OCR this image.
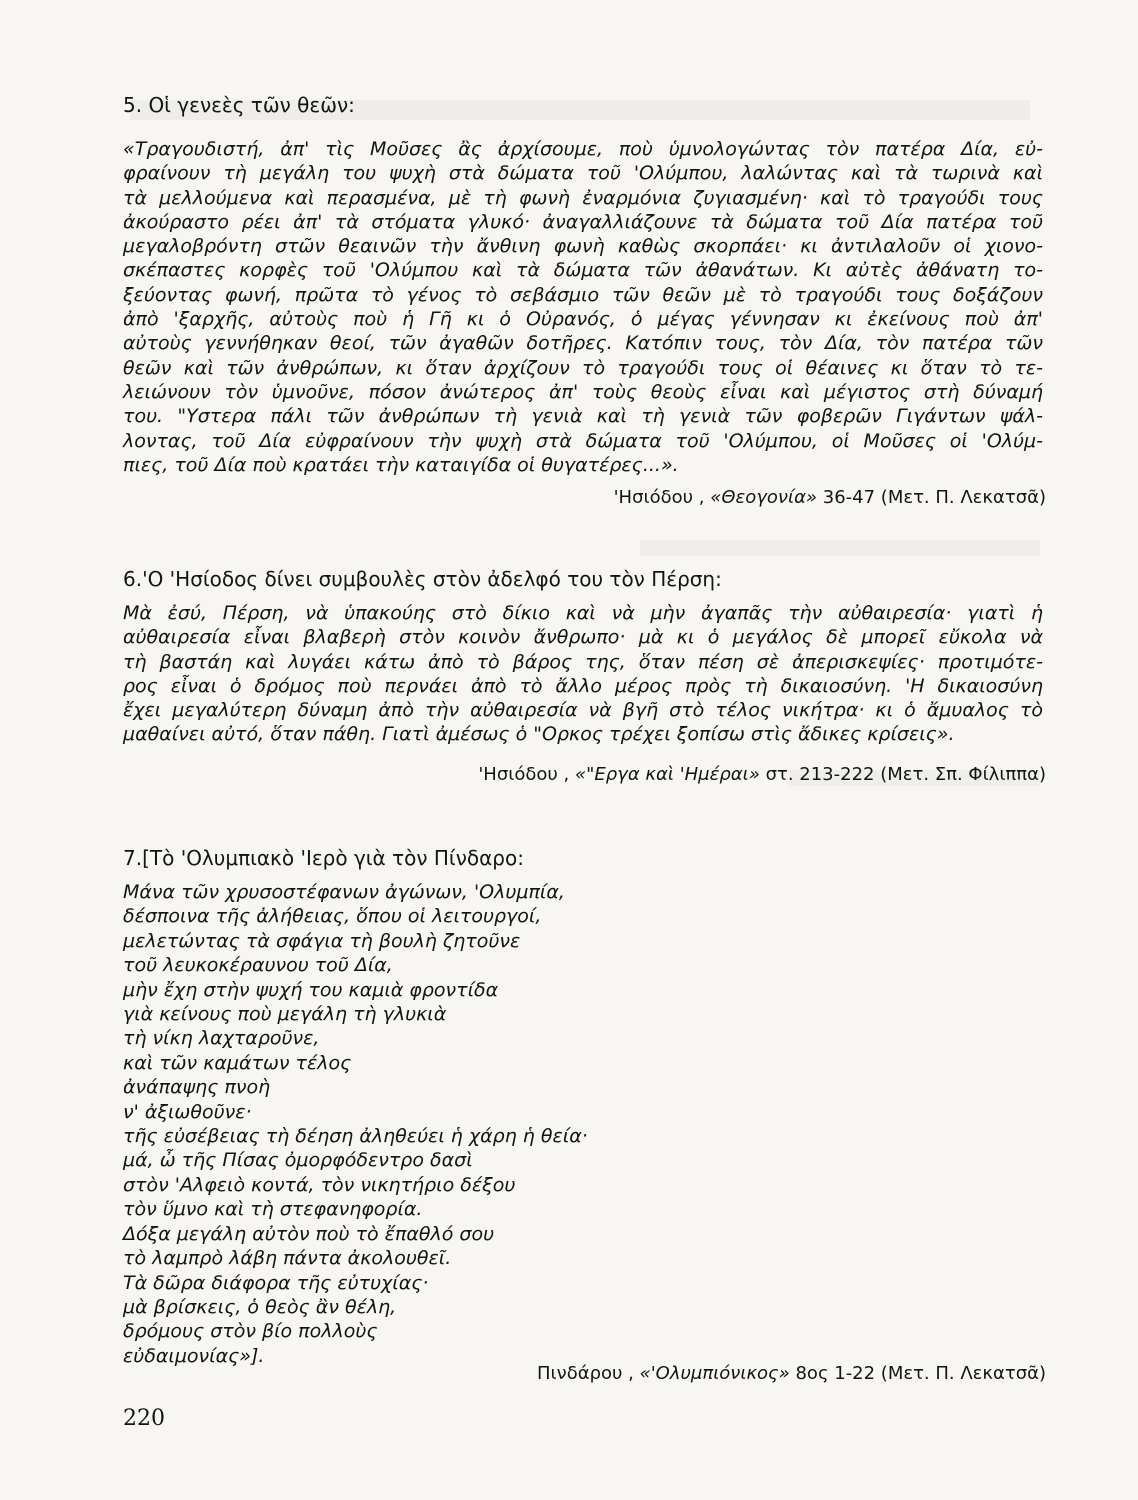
5. Οἱ γενεὲς τῶν θεῶν:
«Τραγουδιστή, ἀπ' τὶς Μοῦσες ἂς ἀρχίσουμε, ποὺ ὑμνολογώντας τὸν πατέρα Δία, εὐ-
φραίνουν τὴ μεγάλη του ψυχὴ στὰ δώματα τοῦ 'Ολύμπου, λαλώντας καὶ τὰ τωρινὰ καὶ
τὰ μελλούμενα καὶ περασμένα, μὲ τὴ φωνὴ ἐναρμόνια ζυγιασμένη· καὶ τὸ τραγούδι τους
ἀκούραστο ρέει ἀπ' τὰ στόματα γλυκό· ἀναγαλλιάζουνε τὰ δώματα τοῦ Δία πατέρα τοῦ
μεγαλοβρόντη στῶν θεαινῶν τὴν ἄνθινη φωνὴ καθὼς σκορπάει· κι ἀντιλαλοῦν οἱ χιονο-
σκέπαστες κορφὲς τοῦ 'Ολύμπου καὶ τὰ δώματα τῶν ἀθανάτων. Κι αὐτὲς ἀθάνατη το-
ξεύοντας φωνή, πρῶτα τὸ γένος τὸ σεβάσμιο τῶν θεῶν μὲ τὸ τραγούδι τους δοξάζουν
ἀπὸ 'ξαρχῆς, αὐτοὺς ποὺ ἡ Γῆ κι ὁ Οὐρανός, ὁ μέγας γέννησαν κι ἐκείνους ποὺ ἀπ'
αὐτοὺς γεννήθηκαν θεοί, τῶν ἀγαθῶν δοτῆρες. Κατόπιν τους, τὸν Δία, τὸν πατέρα τῶν
θεῶν καὶ τῶν ἀνθρώπων, κι ὅταν ἀρχίζουν τὸ τραγούδι τους οἱ θέαινες κι ὅταν τὸ τε-
λειώνουν τὸν ὑμνοῦνε, πόσον ἀνώτερος ἀπ' τοὺς θεοὺς εἶναι καὶ μέγιστος στὴ δύναμή
του. "Υστερα πάλι τῶν ἀνθρώπων τὴ γενιὰ καὶ τὴ γενιὰ τῶν φοβερῶν Γιγάντων ψάλ-
λοντας, τοῦ Δία εὐφραίνουν τὴν ψυχὴ στὰ δώματα τοῦ 'Ολύμπου, οἱ Μοῦσες οἱ 'Ολύμ-
πιες, τοῦ Δία ποὺ κρατάει τὴν καταιγίδα οἱ θυγατέρες...».
'Ησιόδου , «Θεογονία» 36-47 (Μετ. Π. Λεκατσᾶ)
6.'Ο 'Ησίοδος δίνει συμβουλὲς στὸν ἀδελφό του τὸν Πέρση:
Μὰ ἐσύ, Πέρση, νὰ ὑπακούης στὸ δίκιο καὶ νὰ μὴν ἀγαπᾶς τὴν αὐθαιρεσία· γιατὶ ἡ
αὐθαιρεσία εἶναι βλαβερὴ στὸν κοινὸν ἄνθρωπο· μὰ κι ὁ μεγάλος δὲ μπορεῖ εὔκολα νὰ
τὴ βαστάη καὶ λυγάει κάτω ἀπὸ τὸ βάρος της, ὅταν πέση σὲ ἀπερισκεψίες· προτιμότε-
ρος εἶναι ὁ δρόμος ποὺ περνάει ἀπὸ τὸ ἄλλο μέρος πρὸς τὴ δικαιοσύνη. 'Η δικαιοσύνη
ἔχει μεγαλύτερη δύναμη ἀπὸ τὴν αὐθαιρεσία νὰ βγῆ στὸ τέλος νικήτρα· κι ὁ ἄμυαλος τὸ
μαθαίνει αὐτό, ὅταν πάθη. Γιατὶ ἀμέσως ὁ "Ορκος τρέχει ξοπίσω στὶς ἄδικες κρίσεις».
'Ησιόδου , «"Εργα καὶ 'Ημέραι» στ. 213-222 (Μετ. Σπ. Φίλιππα)
7.[Τὸ 'Ολυμπιακὸ 'Ιερὸ γιὰ τὸν Πίνδαρο:
Μάνα τῶν χρυσοστέφανων ἀγώνων, 'Ολυμπία,
δέσποινα τῆς ἀλήθειας, ὅπου οἱ λειτουργοί,
μελετώντας τὰ σφάγια τὴ βουλὴ ζητοῦνε
τοῦ λευκοκέραυνου τοῦ Δία,
μὴν ἔχη στὴν ψυχή του καμιὰ φροντίδα
γιὰ κείνους ποὺ μεγάλη τὴ γλυκιὰ
τὴ νίκη λαχταροῦνε,
καὶ τῶν καμάτων τέλος
ἀνάπαψης πνοὴ
ν' ἀξιωθοῦνε·
τῆς εὐσέβειας τὴ δέηση ἀληθεύει ἡ χάρη ἡ θεία·
μά, ὦ τῆς Πίσας ὀμορφόδεντρο δασὶ
στὸν 'Αλφειὸ κοντά, τὸν νικητήριο δέξου
τὸν ὕμνο καὶ τὴ στεφανηφορία.
Δόξα μεγάλη αὐτὸν ποὺ τὸ ἔπαθλό σου
τὸ λαμπρὸ λάβη πάντα ἀκολουθεῖ.
Τὰ δῶρα διάφορα τῆς εὐτυχίας·
μὰ βρίσκεις, ὁ θεὸς ἂν θέλη,
δρόμους στὸν βίο πολλοὺς
εὐδαιμονίας»].
Πινδάρου , «'Ολυμπιόνικος» 8ος 1-22 (Μετ. Π. Λεκατσᾶ)
220
